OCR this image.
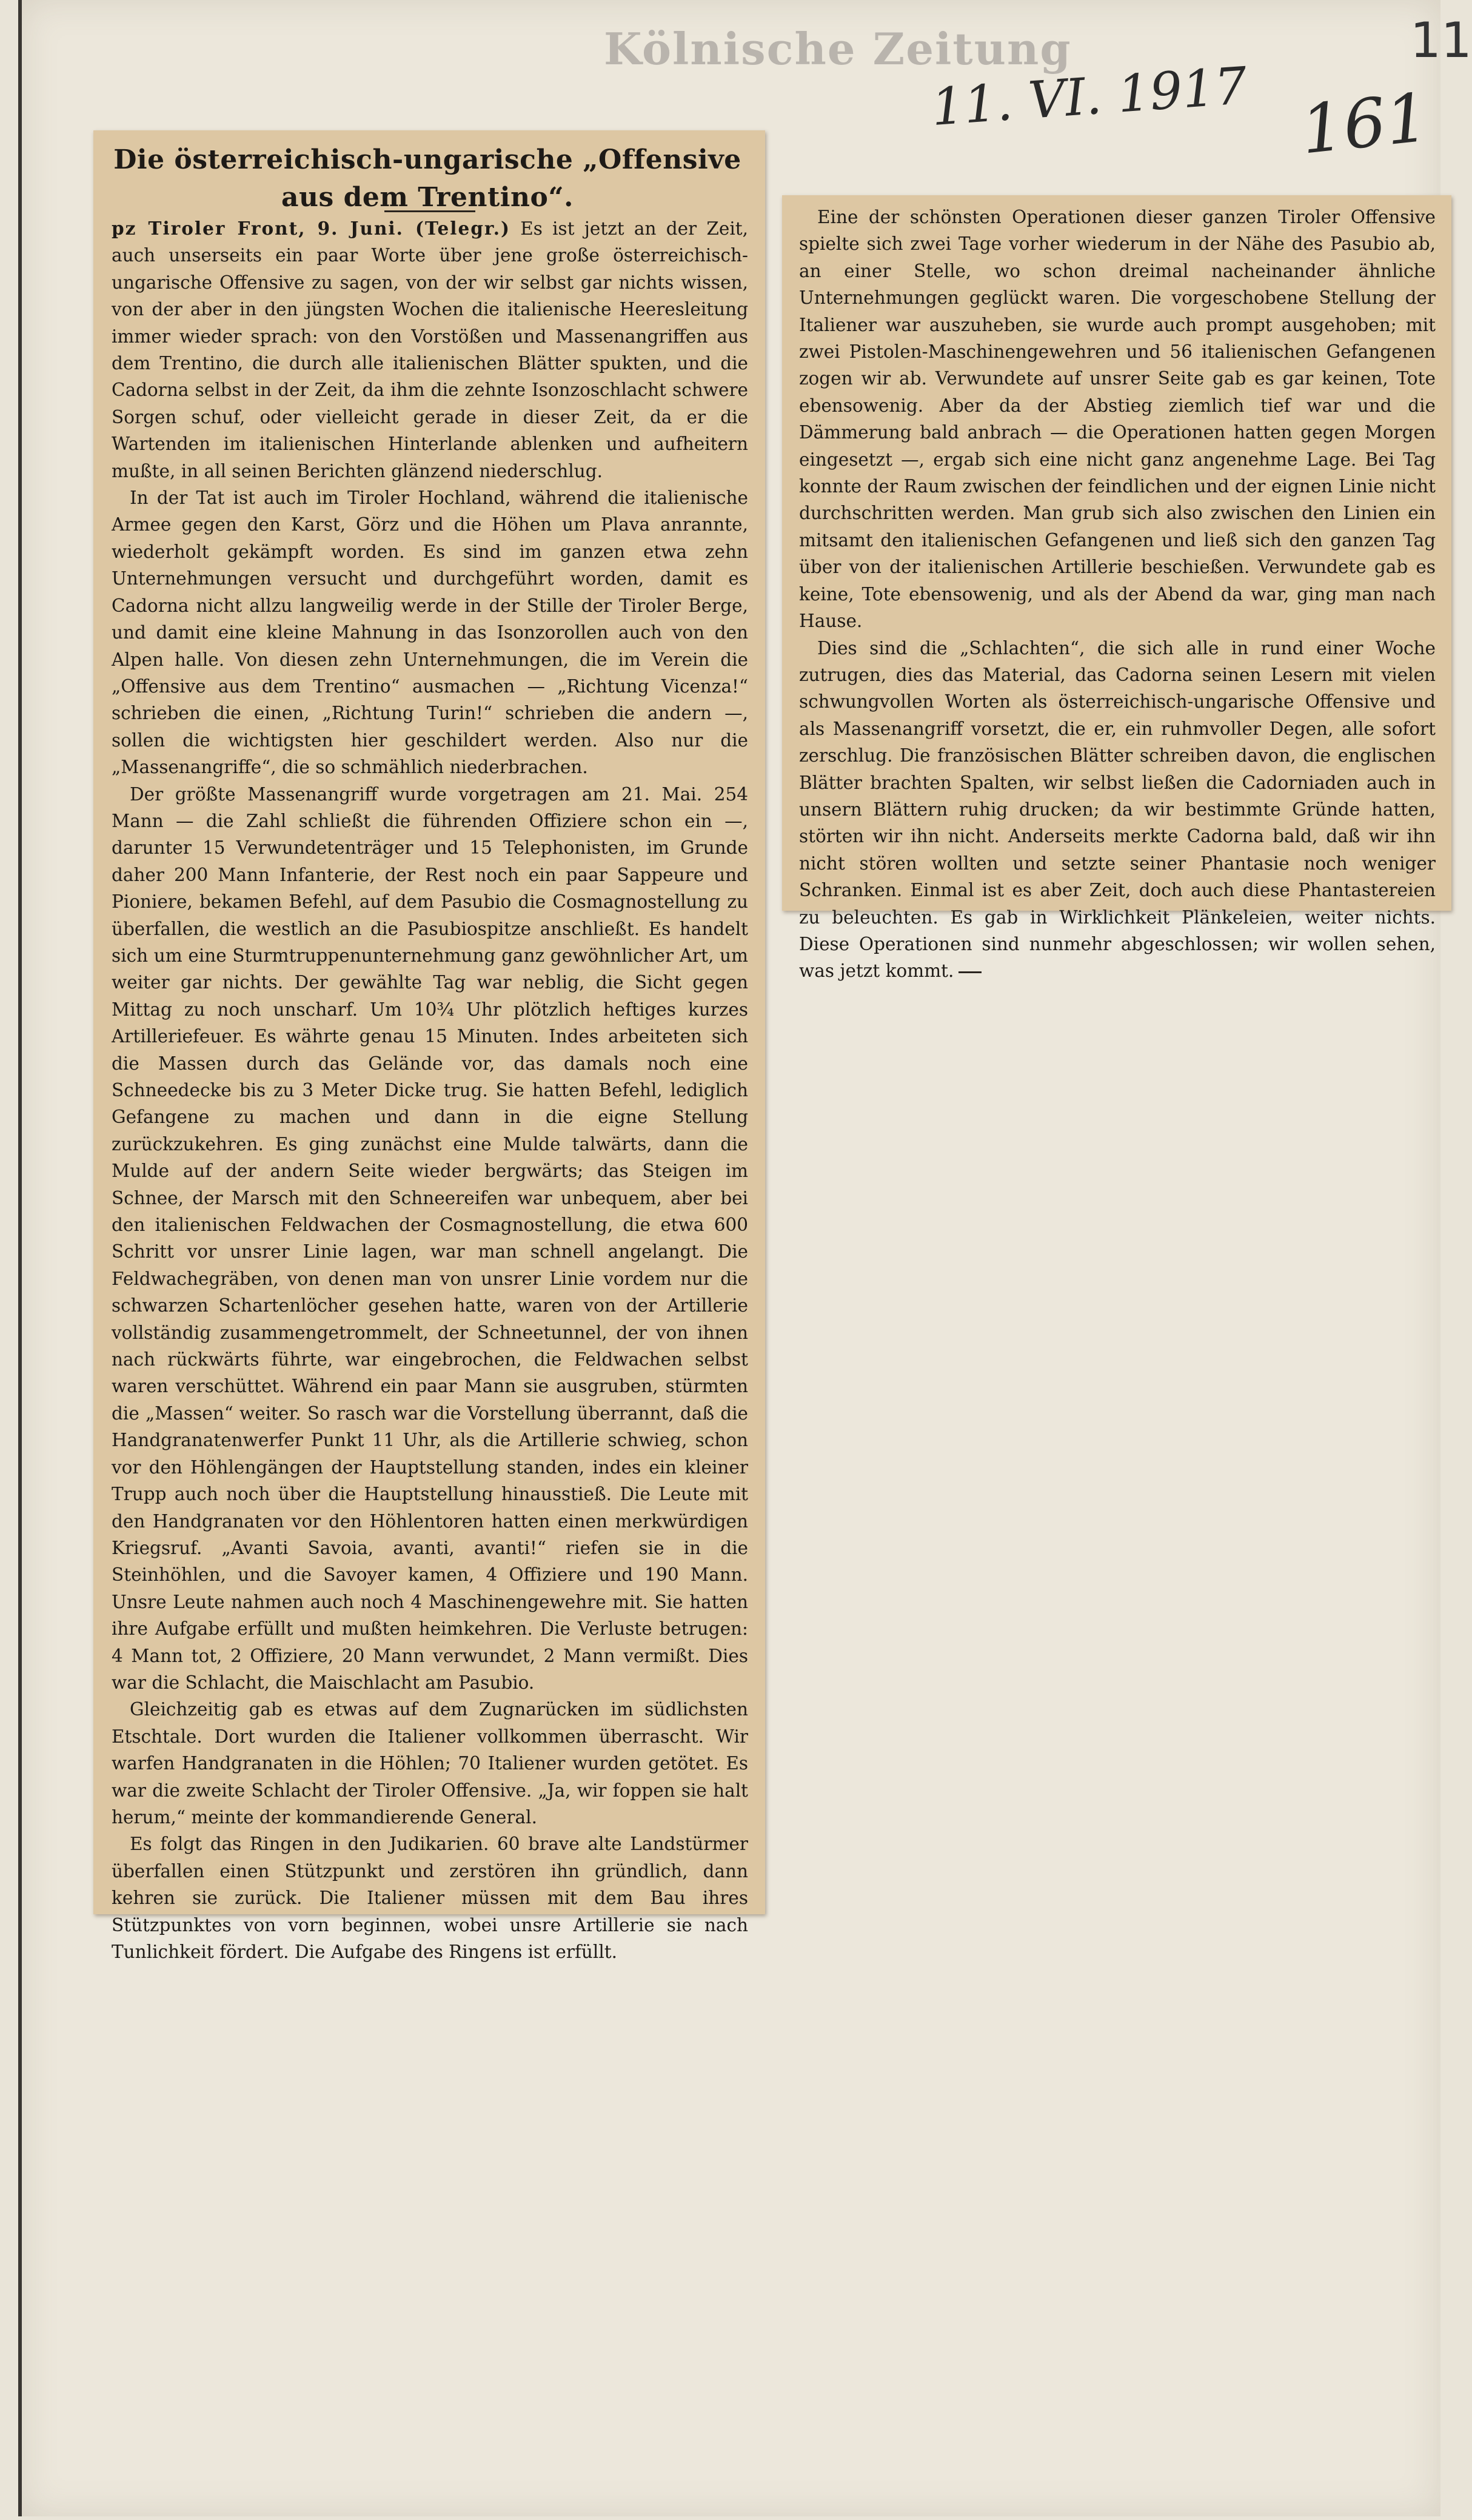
Kölnische Zeitung
11. VI. 1917 161
11
Die österreichisch-ungarische „Offensive aus dem Trentino“.

pz Tiroler Front, 9. Juni. (Telegr.) Es ist jetzt an der Zeit, auch unserseits ein paar Worte über jene große österreichisch-ungarische Offensive zu sagen, von der wir selbst gar nichts wissen, von der aber in den jüngsten Wochen die italienische Heeresleitung immer wieder sprach: von den Vorstößen und Massenangriffen aus dem Trentino, die durch alle italienischen Blätter spukten, und die Cadorna selbst in der Zeit, da ihm die zehnte Isonzoschlacht schwere Sorgen schuf, oder vielleicht gerade in dieser Zeit, da er die Wartenden im italienischen Hinterlande ablenken und aufheitern mußte, in all seinen Berichten glänzend niederschlug.

In der Tat ist auch im Tiroler Hochland, während die italienische Armee gegen den Karst, Görz und die Höhen um Plava anrannte, wiederholt gekämpft worden. Es sind im ganzen etwa zehn Unternehmungen versucht und durchgeführt worden, damit es Cadorna nicht allzu langweilig werde in der Stille der Tiroler Berge, und damit eine kleine Mahnung in das Isonzorollen auch von den Alpen halle. Von diesen zehn Unternehmungen, die im Verein die „Offensive aus dem Trentino“ ausmachen — „Richtung Vicenza!“ schrieben die einen, „Richtung Turin!“ schrieben die andern —, sollen die wichtigsten hier geschildert werden. Also nur die „Massenangriffe“, die so schmählich niederbrachen.

Der größte Massenangriff wurde vorgetragen am 21. Mai. 254 Mann — die Zahl schließt die führenden Offiziere schon ein —, darunter 15 Verwundetenträger und 15 Telephonisten, im Grunde daher 200 Mann Infanterie, der Rest noch ein paar Sappeure und Pioniere, bekamen Befehl, auf dem Pasubio die Cosmagnostellung zu überfallen, die westlich an die Pasubiospitze anschließt. Es handelt sich um eine Sturmtruppenunternehmung ganz gewöhnlicher Art, um weiter gar nichts. Der gewählte Tag war neblig, die Sicht gegen Mittag zu noch unscharf. Um 10¾ Uhr plötzlich heftiges kurzes Artilleriefeuer. Es währte genau 15 Minuten. Indes arbeiteten sich die Massen durch das Gelände vor, das damals noch eine Schneedecke bis zu 3 Meter Dicke trug. Sie hatten Befehl, lediglich Gefangene zu machen und dann in die eigne Stellung zurückzukehren. Es ging zunächst eine Mulde talwärts, dann die Mulde auf der andern Seite wieder bergwärts; das Steigen im Schnee, der Marsch mit den Schneereifen war unbequem, aber bei den italienischen Feldwachen der Cosmagnostellung, die etwa 600 Schritt vor unsrer Linie lagen, war man schnell angelangt. Die Feldwachegräben, von denen man von unsrer Linie vordem nur die schwarzen Schartenlöcher gesehen hatte, waren von der Artillerie vollständig zusammengetrommelt, der Schneetunnel, der von ihnen nach rückwärts führte, war eingebrochen, die Feldwachen selbst waren verschüttet. Während ein paar Mann sie ausgruben, stürmten die „Massen“ weiter. So rasch war die Vorstellung überrannt, daß die Handgranatenwerfer Punkt 11 Uhr, als die Artillerie schwieg, schon vor den Höhlengängen der Hauptstellung standen, indes ein kleiner Trupp auch noch über die Hauptstellung hinausstieß. Die Leute mit den Handgranaten vor den Höhlentoren hatten einen merkwürdigen Kriegsruf. „Avanti Savoia, avanti, avanti!“ riefen sie in die Steinhöhlen, und die Savoyer kamen, 4 Offiziere und 190 Mann. Unsre Leute nahmen auch noch 4 Maschinengewehre mit. Sie hatten ihre Aufgabe erfüllt und mußten heimkehren. Die Verluste betrugen: 4 Mann tot, 2 Offiziere, 20 Mann verwundet, 2 Mann vermißt. Dies war die Schlacht, die Maischlacht am Pasubio.

Gleichzeitig gab es etwas auf dem Zugnarücken im südlichsten Etschtale. Dort wurden die Italiener vollkommen überrascht. Wir warfen Handgranaten in die Höhlen; 70 Italiener wurden getötet. Es war die zweite Schlacht der Tiroler Offensive. „Ja, wir foppen sie halt herum,“ meinte der kommandierende General.

Es folgt das Ringen in den Judikarien. 60 brave alte Landstürmer überfallen einen Stützpunkt und zerstören ihn gründlich, dann kehren sie zurück. Die Italiener müssen mit dem Bau ihres Stützpunktes von vorn beginnen, wobei unsre Artillerie sie nach Tunlichkeit fördert. Die Aufgabe des Ringens ist erfüllt.

Eine der schönsten Operationen dieser ganzen Tiroler Offensive spielte sich zwei Tage vorher wiederum in der Nähe des Pasubio ab, an einer Stelle, wo schon dreimal nacheinander ähnliche Unternehmungen geglückt waren. Die vorgeschobene Stellung der Italiener war auszuheben, sie wurde auch prompt ausgehoben; mit zwei Pistolen-Maschinengewehren und 56 italienischen Gefangenen zogen wir ab. Verwundete auf unsrer Seite gab es gar keinen, Tote ebensowenig. Aber da der Abstieg ziemlich tief war und die Dämmerung bald anbrach — die Operationen hatten gegen Morgen eingesetzt —, ergab sich eine nicht ganz angenehme Lage. Bei Tag konnte der Raum zwischen der feindlichen und der eignen Linie nicht durchschritten werden. Man grub sich also zwischen den Linien ein mitsamt den italienischen Gefangenen und ließ sich den ganzen Tag über von der italienischen Artillerie beschießen. Verwundete gab es keine, Tote ebensowenig, und als der Abend da war, ging man nach Hause.

Dies sind die „Schlachten“, die sich alle in rund einer Woche zutrugen, dies das Material, das Cadorna seinen Lesern mit vielen schwungvollen Worten als österreichisch-ungarische Offensive und als Massenangriff vorsetzt, die er, ein ruhmvoller Degen, alle sofort zerschlug. Die französischen Blätter schreiben davon, die englischen Blätter brachten Spalten, wir selbst ließen die Cadorniaden auch in unsern Blättern ruhig drucken; da wir bestimmte Gründe hatten, störten wir ihn nicht. Anderseits merkte Cadorna bald, daß wir ihn nicht stören wollten und setzte seiner Phantasie noch weniger Schranken. Einmal ist es aber Zeit, doch auch diese Phantastereien zu beleuchten. Es gab in Wirklichkeit Plänkeleien, weiter nichts. Diese Operationen sind nunmehr abgeschlossen; wir wollen sehen, was jetzt kommt.
